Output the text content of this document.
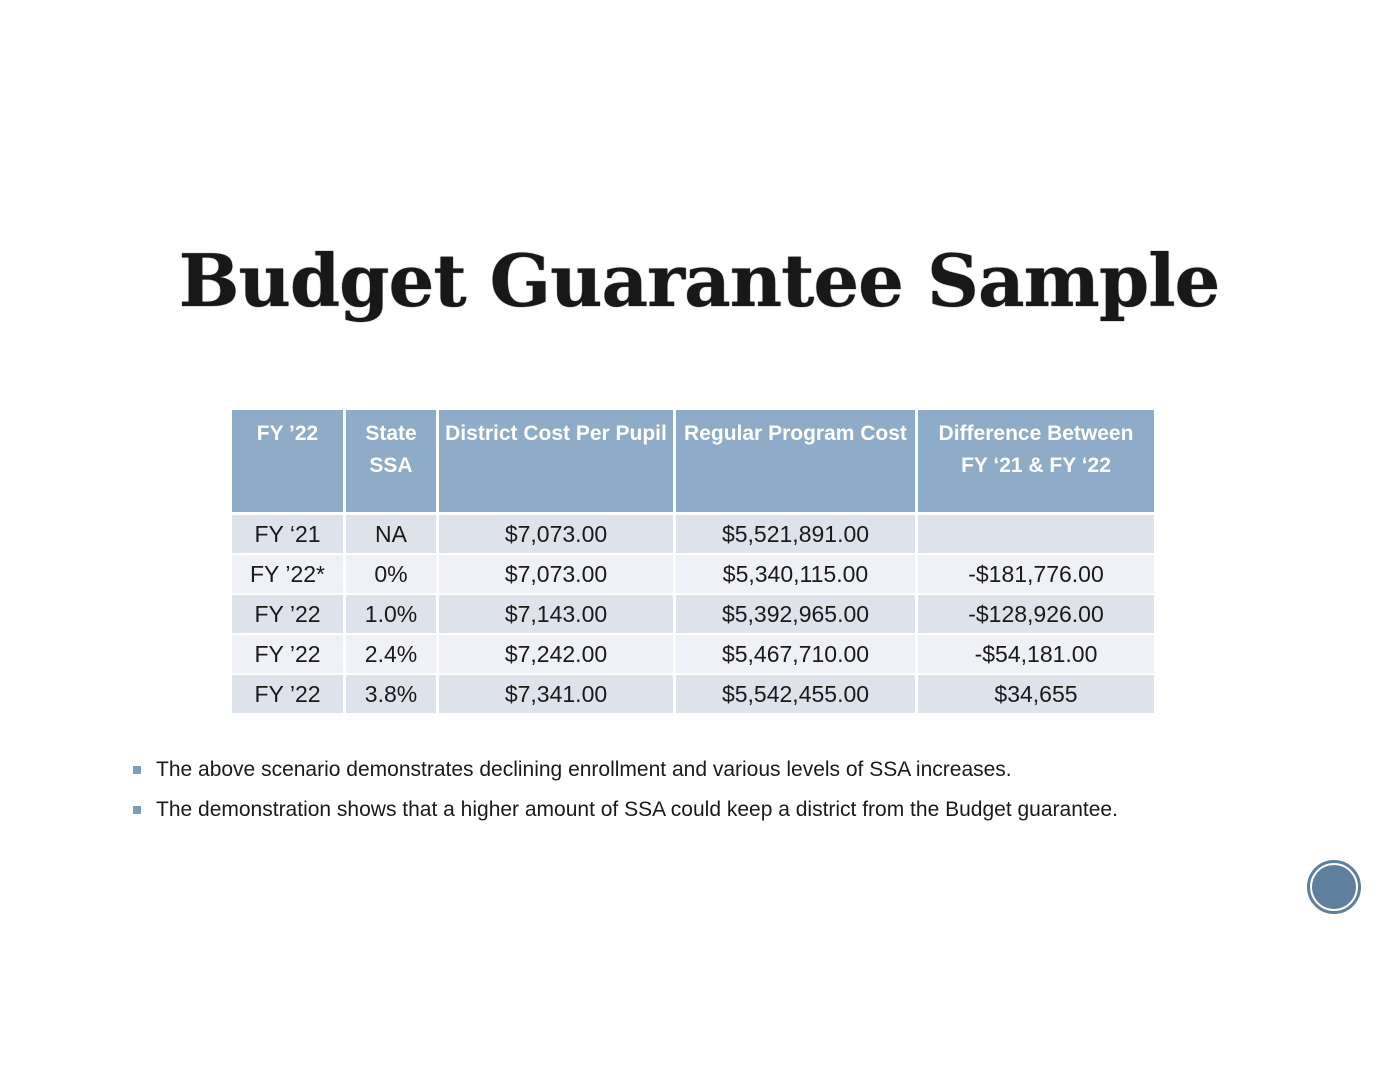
Budget Guarantee Sample
FY ’22	State SSA	District Cost Per Pupil	Regular Program Cost	Difference Between FY ‘21 & FY ‘22
FY ‘21	NA	$7,073.00	$5,521,891.00	
FY ’22*	0%	$7,073.00	$5,340,115.00	-$181,776.00
FY ’22	1.0%	$7,143.00	$5,392,965.00	-$128,926.00
FY ’22	2.4%	$7,242.00	$5,467,710.00	-$54,181.00
FY ’22	3.8%	$7,341.00	$5,542,455.00	$34,655
The above scenario demonstrates declining enrollment and various levels of SSA increases.
The demonstration shows that a higher amount of SSA could keep a district from the Budget guarantee.
